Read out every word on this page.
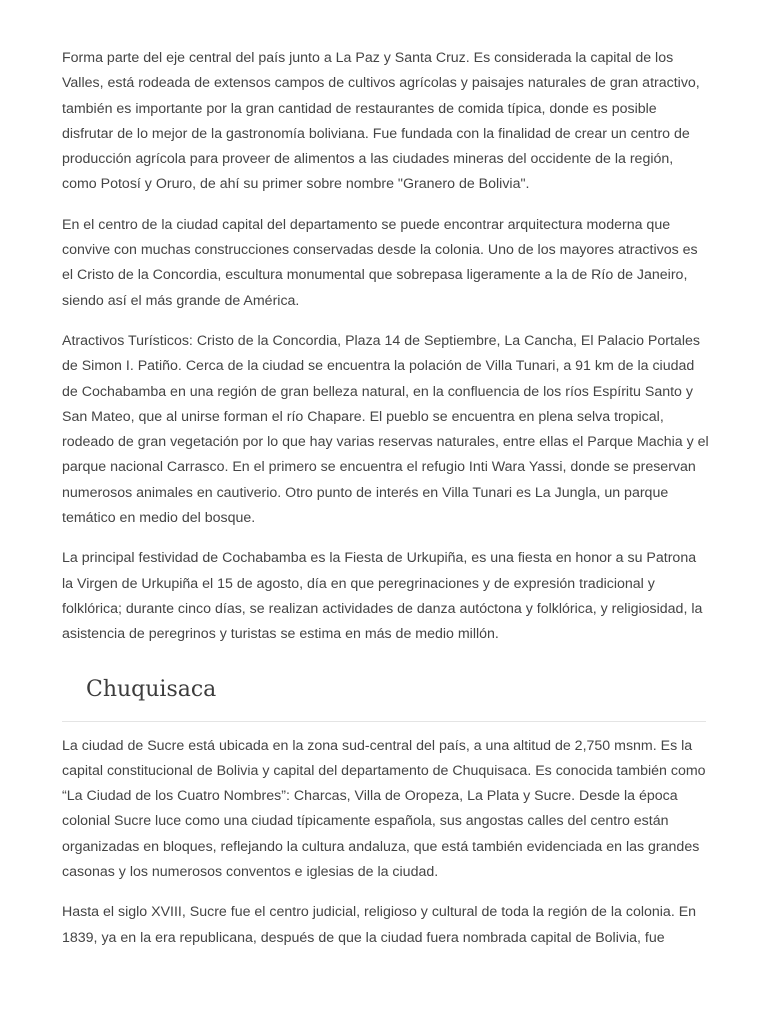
Forma parte del eje central del país junto a La Paz y Santa Cruz. Es considerada la capital de los Valles, está rodeada de extensos campos de cultivos agrícolas y paisajes naturales de gran atractivo, también es importante por la gran cantidad de restaurantes de comida típica, donde es posible disfrutar de lo mejor de la gastronomía boliviana. Fue fundada con la finalidad de crear un centro de producción agrícola para proveer de alimentos a las ciudades mineras del occidente de la región, como Potosí y Oruro, de ahí su primer sobre nombre "Granero de Bolivia".

En el centro de la ciudad capital del departamento se puede encontrar arquitectura moderna que convive con muchas construcciones conservadas desde la colonia. Uno de los mayores atractivos es el Cristo de la Concordia, escultura monumental que sobrepasa ligeramente a la de Río de Janeiro, siendo así el más grande de América.

Atractivos Turísticos: Cristo de la Concordia, Plaza 14 de Septiembre, La Cancha, El Palacio Portales de Simon I. Patiño. Cerca de la ciudad se encuentra la polación de Villa Tunari, a 91 km de la ciudad de Cochabamba en una región de gran belleza natural, en la confluencia de los ríos Espíritu Santo y San Mateo, que al unirse forman el río Chapare. El pueblo se encuentra en plena selva tropical, rodeado de gran vegetación por lo que hay varias reservas naturales, entre ellas el Parque Machia y el parque nacional Carrasco. En el primero se encuentra el refugio Inti Wara Yassi, donde se preservan numerosos animales en cautiverio. Otro punto de interés en Villa Tunari es La Jungla, un parque temático en medio del bosque.

La principal festividad de Cochabamba es la Fiesta de Urkupiña, es una fiesta en honor a su Patrona la Virgen de Urkupiña el 15 de agosto, día en que peregrinaciones y de expresión tradicional y folklórica; durante cinco días, se realizan actividades de danza autóctona y folklórica, y religiosidad, la asistencia de peregrinos y turistas se estima en más de medio millón.

Chuquisaca

La ciudad de Sucre está ubicada en la zona sud-central del país, a una altitud de 2,750 msnm. Es la capital constitucional de Bolivia y capital del departamento de Chuquisaca. Es conocida también como “La Ciudad de los Cuatro Nombres”: Charcas, Villa de Oropeza, La Plata y Sucre. Desde la época colonial Sucre luce como una ciudad típicamente española, sus angostas calles del centro están organizadas en bloques, reflejando la cultura andaluza, que está también evidenciada en las grandes casonas y los numerosos conventos e iglesias de la ciudad.

Hasta el siglo XVIII, Sucre fue el centro judicial, religioso y cultural de toda la región de la colonia. En 1839, ya en la era republicana, después de que la ciudad fuera nombrada capital de Bolivia, fue
